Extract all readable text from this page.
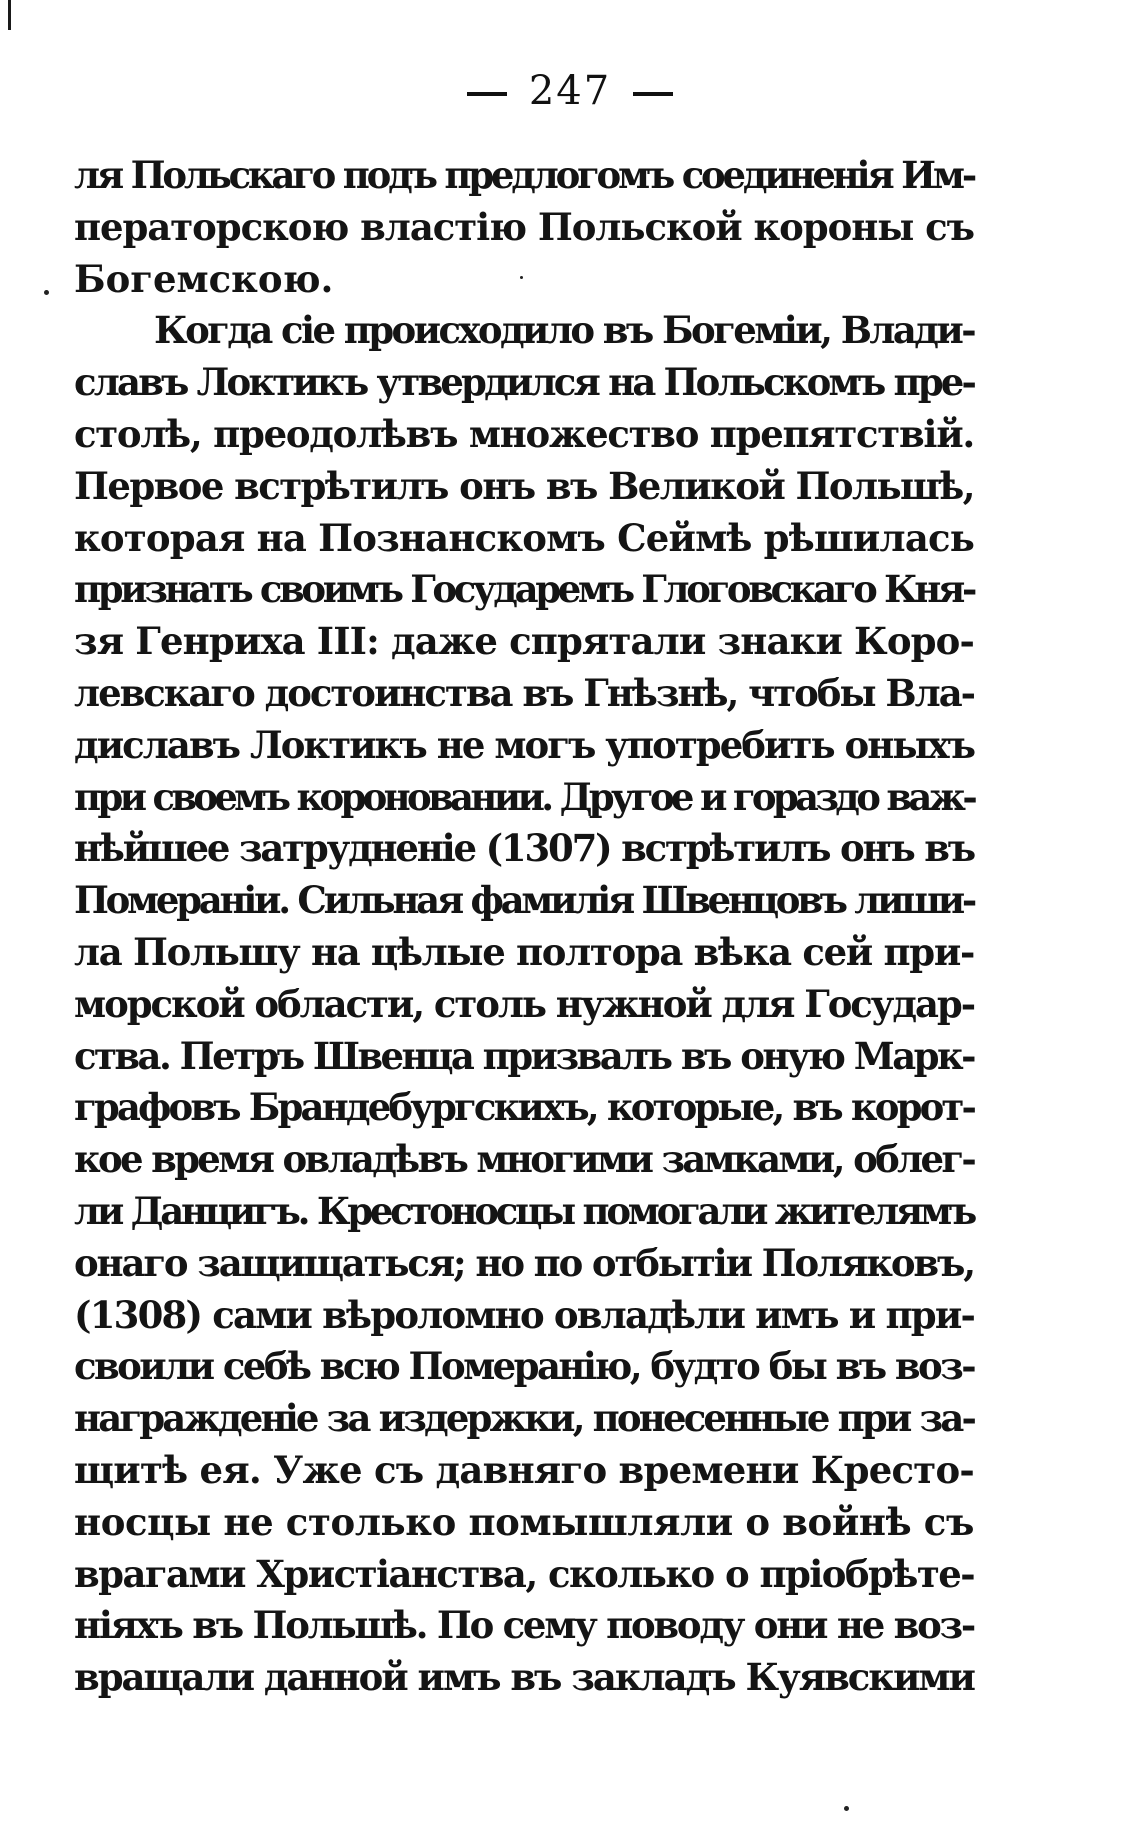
247
ля Польскаго подъ предлогомъ соединенія Им-
ператорскою властію Польской короны съ
Богемскою.
Когда сіе происходило въ Богеміи, Влади-
славъ Локтикъ утвердился на Польскомъ пре-
столѣ, преодолѣвъ множество препятствій.
Первое встрѣтилъ онъ въ Великой Польшѣ,
которая на Познанскомъ Сеймѣ рѣшилась
признать своимъ Государемъ Глоговскаго Кня-
зя Генриха III: даже спрятали знаки Коро-
левскаго достоинства въ Гнѣзнѣ, чтобы Вла-
диславъ Локтикъ не могъ употребить оныхъ
при своемъ короновании. Другое и гораздо важ-
нѣйшее затрудненіе (1307) встрѣтилъ онъ въ
Помераніи. Сильная фамилія Швенцовъ лиши-
ла Польшу на цѣлые полтора вѣка сей при-
морской области, столь нужной для Государ-
ства. Петръ Швенца призвалъ въ оную Марк-
графовъ Брандебургскихъ, которые, въ корот-
кое время овладѣвъ многими замками, облег-
ли Данцигъ. Крестоносцы помогали жителямъ
онаго защищаться; но по отбытіи Поляковъ,
(1308) сами вѣроломно овладѣли имъ и при-
своили себѣ всю Померанію, будто бы въ воз-
награжденіе за издержки, понесенные при за-
щитѣ ея. Уже съ давняго времени Кресто-
носцы не столько помышляли о войнѣ съ
врагами Христіанства, сколько о пріобрѣте-
ніяхъ въ Польшѣ. По сему поводу они не воз-
вращали данной имъ въ закладъ Куявскими
